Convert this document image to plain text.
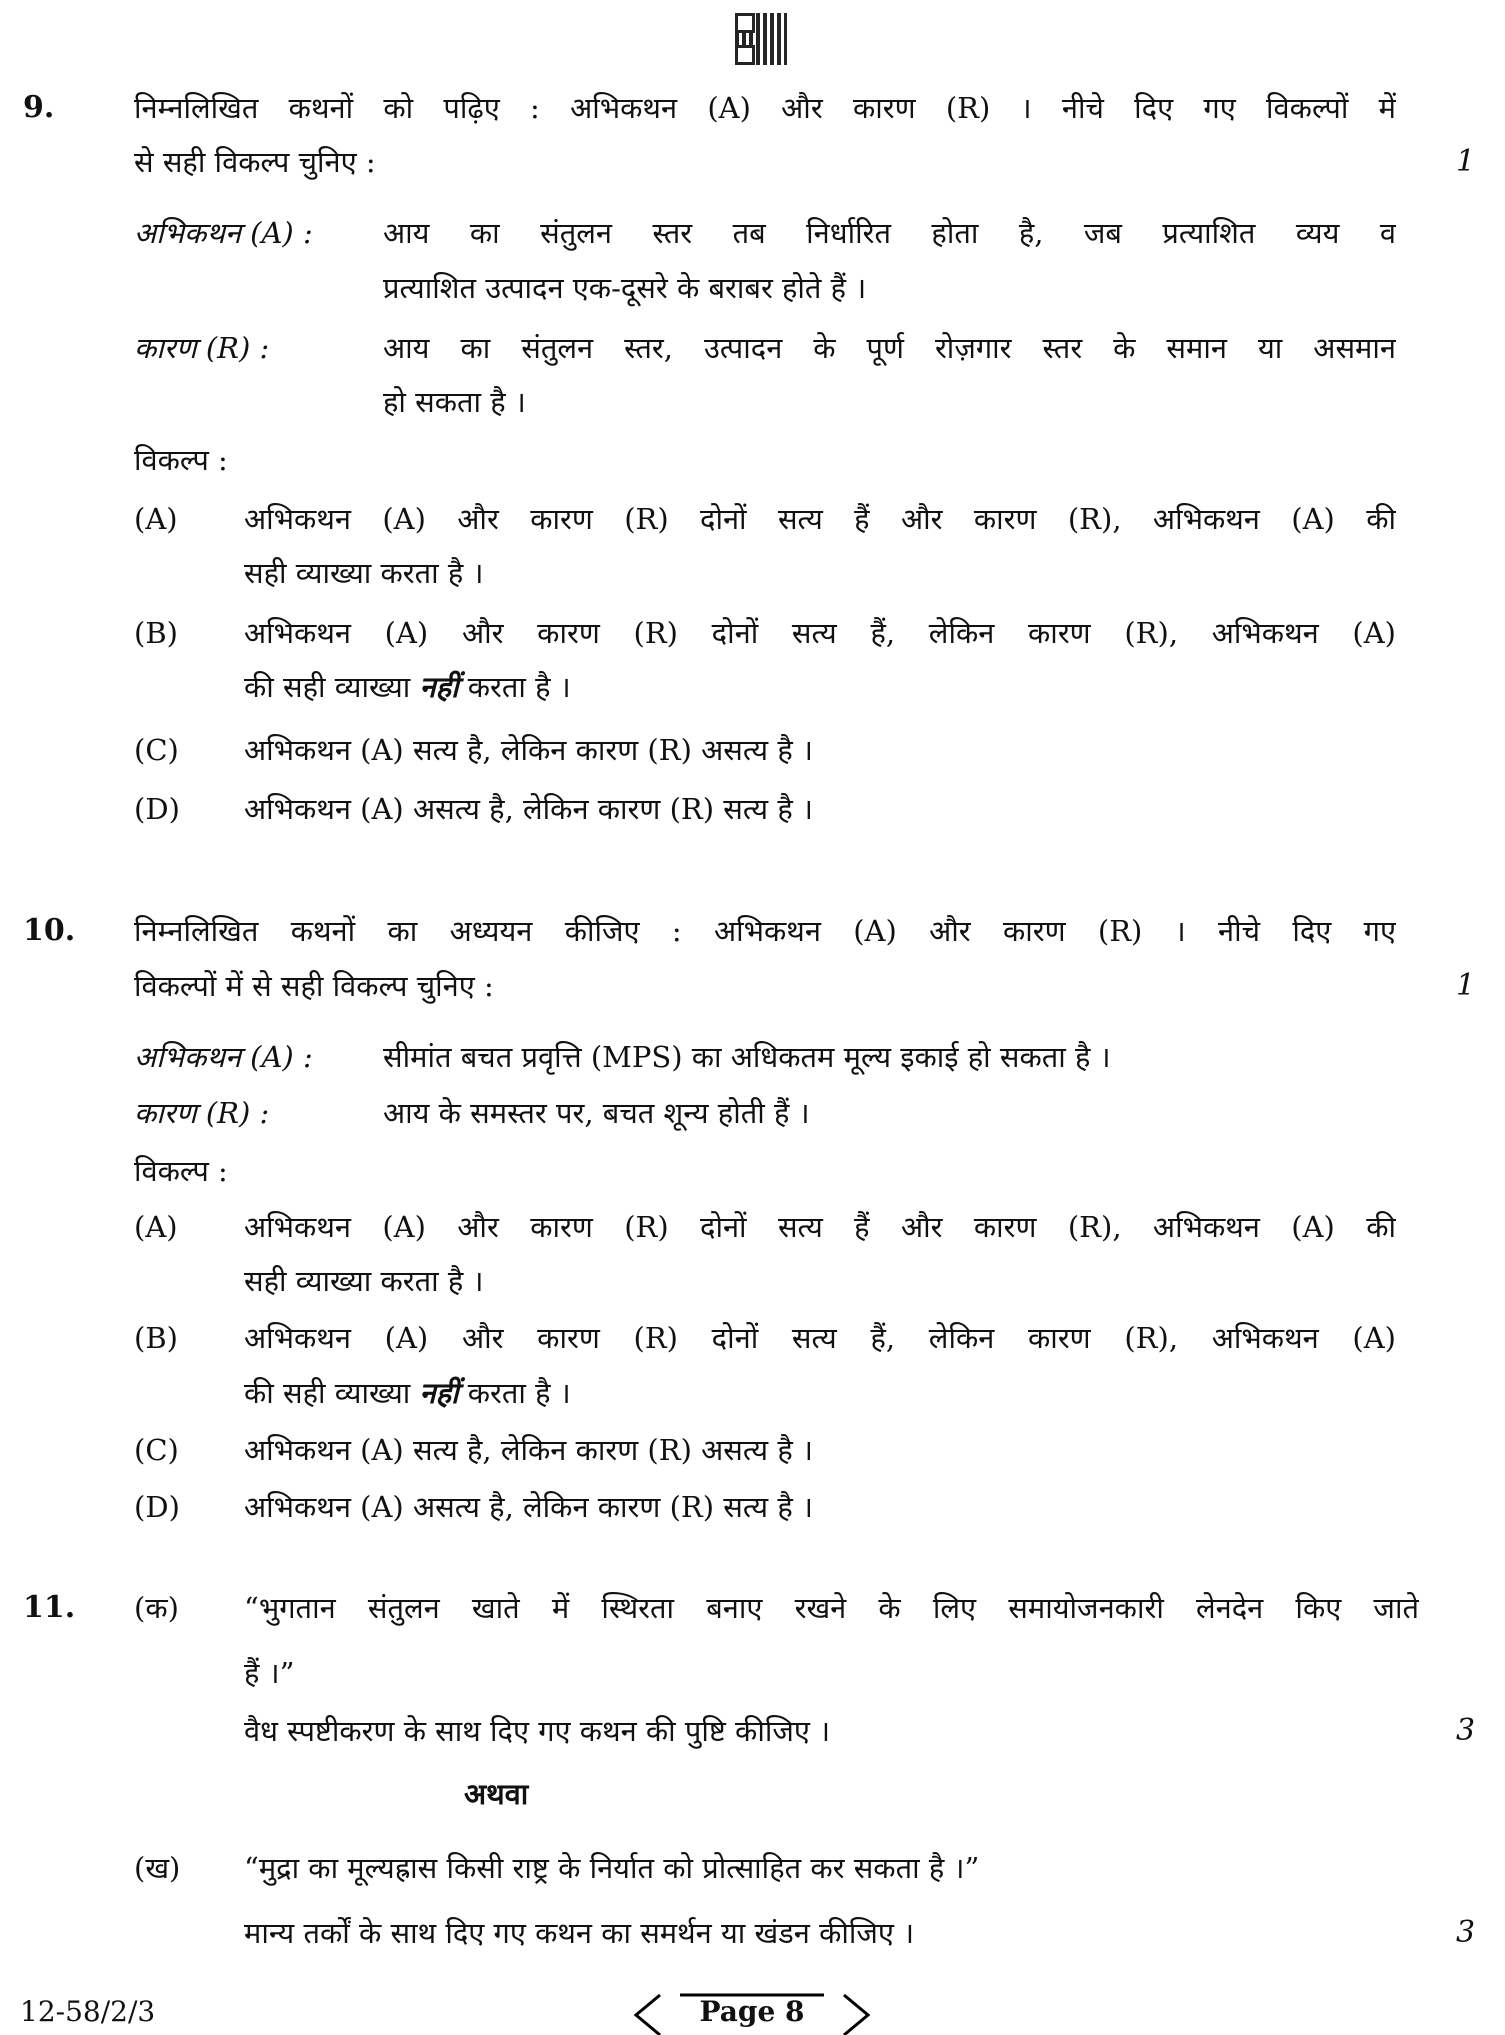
9.	निम्नलिखित कथनों को पढ़िए : अभिकथन (A) और कारण (R) । नीचे दिए गए विकल्पों में
से सही विकल्प चुनिए :	1
अभिकथन (A) : आय का संतुलन स्तर तब निर्धारित होता है, जब प्रत्याशित व्यय व
प्रत्याशित उत्पादन एक-दूसरे के बराबर होते हैं ।
कारण (R) :	आय का संतुलन स्तर, उत्पादन के पूर्ण रोज़गार स्तर के समान या असमान
हो सकता है ।
विकल्प :
(A) अभिकथन (A) और कारण (R) दोनों सत्य हैं और कारण (R), अभिकथन (A) की
सही व्याख्या करता है ।
(B) अभिकथन (A) और कारण (R) दोनों सत्य हैं, लेकिन कारण (R), अभिकथन (A)
की सही व्याख्या नहीं करता है ।
(C) अभिकथन (A) सत्य है, लेकिन कारण (R) असत्य है ।
(D) अभिकथन (A) असत्य है, लेकिन कारण (R) सत्य है ।
10. निम्नलिखित कथनों का अध्ययन कीजिए : अभिकथन (A) और कारण (R) । नीचे दिए गए
विकल्पों में से सही विकल्प चुनिए :	1
अभिकथन (A) : सीमांत बचत प्रवृत्ति (MPS) का अधिकतम मूल्य इकाई हो सकता है ।
कारण (R) :	आय के समस्तर पर, बचत शून्य होती हैं ।
विकल्प :
(A) अभिकथन (A) और कारण (R) दोनों सत्य हैं और कारण (R), अभिकथन (A) की
सही व्याख्या करता है ।
(B) अभिकथन (A) और कारण (R) दोनों सत्य हैं, लेकिन कारण (R), अभिकथन (A)
की सही व्याख्या नहीं करता है ।
(C) अभिकथन (A) सत्य है, लेकिन कारण (R) असत्य है ।
(D) अभिकथन (A) असत्य है, लेकिन कारण (R) सत्य है ।
11. (क) “भुगतान संतुलन खाते में स्थिरता बनाए रखने के लिए समायोजनकारी लेनदेन किए जाते
हैं ।”
वैध स्पष्टीकरण के साथ दिए गए कथन की पुष्टि कीजिए ।	3
अथवा
(ख) “मुद्रा का मूल्यह्रास किसी राष्ट्र के निर्यात को प्रोत्साहित कर सकता है ।”
मान्य तर्कों के साथ दिए गए कथन का समर्थन या खंडन कीजिए ।	3
12-58/2/3	Page 8
